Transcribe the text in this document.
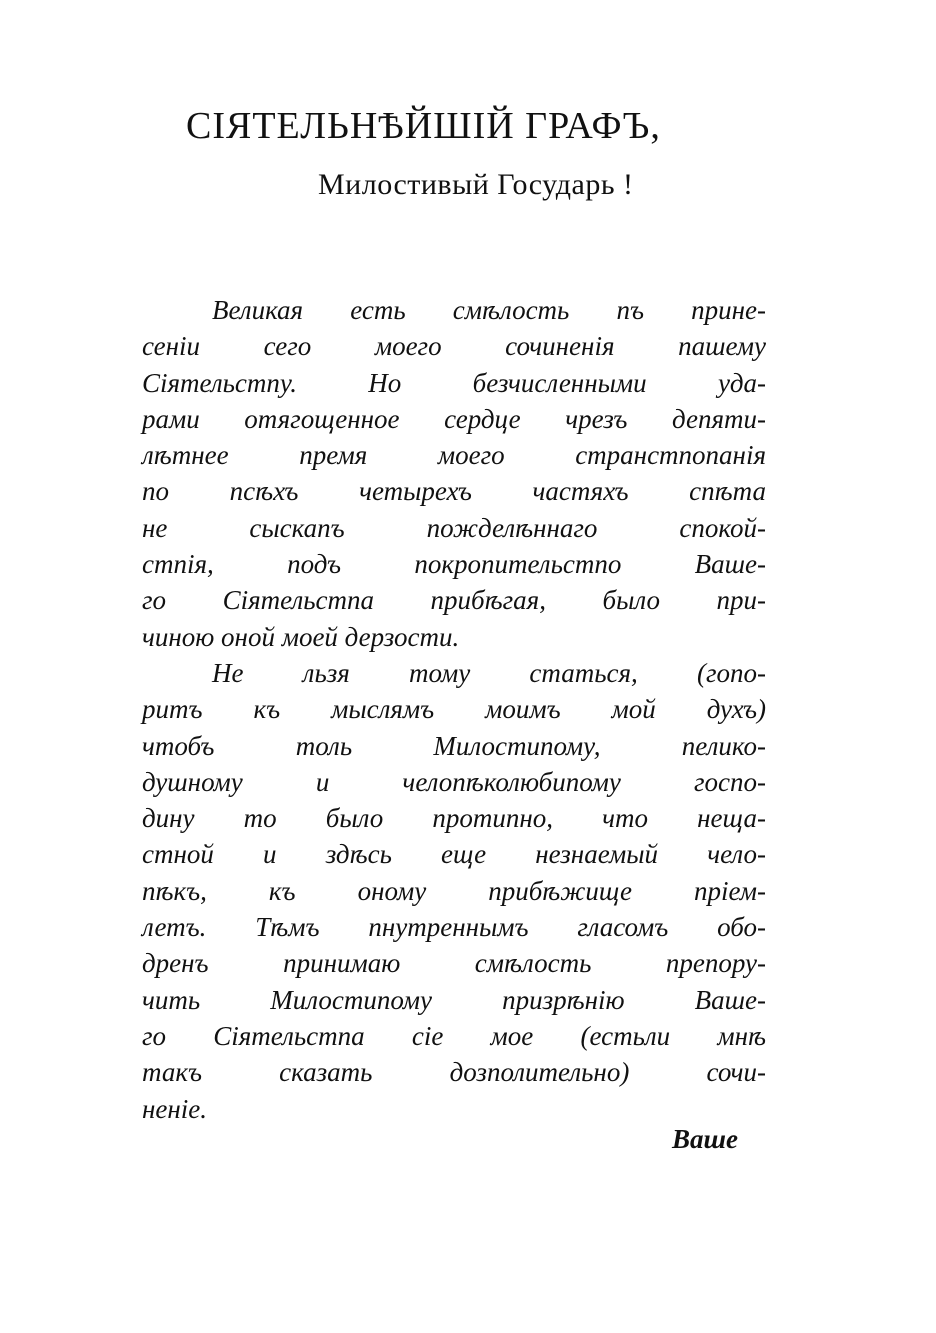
СІЯТЕЛЬНѢЙШІЙ ГРАФЪ,

Милостивый Государь !

Великая есть смѣлость пъ прине-
сеніи сего моего сочиненія пашему
Сіятельстпу. Но безчисленными уда-
рами отягощенное сердце чрезъ депяти-
лѣтнее премя моего странстпопанія
по псѣхъ четырехъ частяхъ спѣта
не сыскапъ пожделѣннаго спокой-
стпія, подъ покропительстпо Ваше-
го Сіятельстпа прибѣгая, было при-
чиною оной моей дерзости.
Не льзя тому статься, (гопо-
ритъ къ мыслямъ моимъ мой духъ)
чтобъ толь Милостипому, пелико-
душному и челопѣколюбипому госпо-
дину то было протипно, что неща-
стной и здѣсь еще незнаемый чело-
пѣкъ, къ оному прибѣжище пріем-
летъ. Тѣмъ пнутреннымъ гласомъ обо-
дренъ принимаю смѣлость препору-
чить Милостипому призрѣнію Ваше-
го Сіятельстпа сіе мое (естьли мнѣ
такъ сказать дозполительно) сочи-
неніе.
Ваше
